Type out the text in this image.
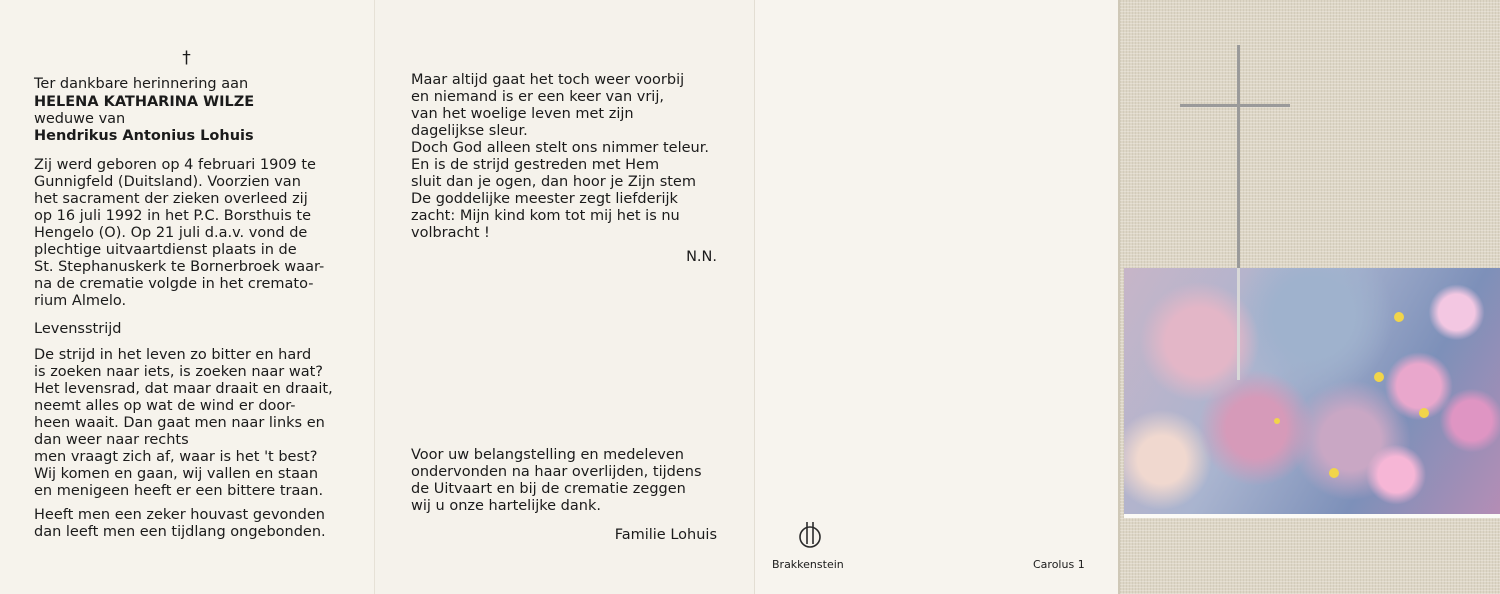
†
Ter dankbare herinnering aan
HELENA KATHARINA WILZE
weduwe van
Hendrikus Antonius Lohuis
Zij werd geboren op 4 februari 1909 te
Gunnigfeld (Duitsland). Voorzien van
het sacrament der zieken overleed zij
op 16 juli 1992 in het P.C. Borsthuis te
Hengelo (O). Op 21 juli d.a.v. vond de
plechtige uitvaartdienst plaats in de
St. Stephanuskerk te Bornerbroek waar-
na de crematie volgde in het cremato-
rium Almelo.
Levensstrijd
De strijd in het leven zo bitter en hard
is zoeken naar iets, is zoeken naar wat?
Het levensrad, dat maar draait en draait,
neemt alles op wat de wind er door-
heen waait. Dan gaat men naar links en
dan weer naar rechts
men vraagt zich af, waar is het 't best?
Wij komen en gaan, wij vallen en staan
en menigeen heeft er een bittere traan.
Heeft men een zeker houvast gevonden
dan leeft men een tijdlang ongebonden.
Maar altijd gaat het toch weer voorbij
en niemand is er een keer van vrij,
van het woelige leven met zijn
dagelijkse sleur.
Doch God alleen stelt ons nimmer teleur.
En is de strijd gestreden met Hem
sluit dan je ogen, dan hoor je Zijn stem
De goddelijke meester zegt liefderijk
zacht: Mijn kind kom tot mij het is nu
volbracht !
N.N.
Voor uw belangstelling en medeleven
ondervonden na haar overlijden, tijdens
de Uitvaart en bij de crematie zeggen
wij u onze hartelijke dank.
Familie Lohuis
Brakkenstein	Carolus 1
